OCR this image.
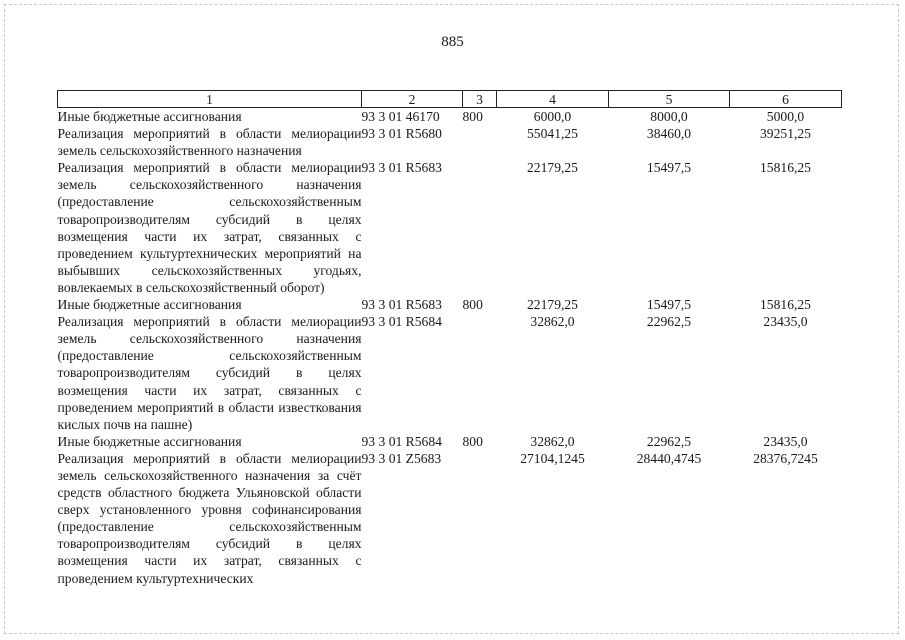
885
1	2	3	4	5	6
Иные бюджетные ассигнования	93 3 01 46170	800	6000,0	8000,0	5000,0
Реализация мероприятий в области мелиорации земель сельскохозяйственного назначения	93 3 01 R5680		55041,25	38460,0	39251,25
Реализация мероприятий в области мелиорации земель сельскохозяйственного назначения (предоставление сельскохозяйственным товаропроизводителям субсидий в целях возмещения части их затрат, связанных с проведением культуртехнических мероприятий на выбывших сельскохозяйственных угодьях, вовлекаемых в сельскохозяйственный оборот)	93 3 01 R5683		22179,25	15497,5	15816,25
Иные бюджетные ассигнования	93 3 01 R5683	800	22179,25	15497,5	15816,25
Реализация мероприятий в области мелиорации земель сельскохозяйственного назначения (предоставление сельскохозяйственным товаропроизводителям субсидий в целях возмещения части их затрат, связанных с проведением мероприятий в области известкования кислых почв на пашне)	93 3 01 R5684		32862,0	22962,5	23435,0
Иные бюджетные ассигнования	93 3 01 R5684	800	32862,0	22962,5	23435,0
Реализация мероприятий в области мелиорации земель сельскохозяйственного назначения за счёт средств областного бюджета Ульяновской области сверх установленного уровня софинансирования (предоставление сельскохозяйственным товаропроизводителям субсидий в целях возмещения части их затрат, связанных с проведением культуртехнических	93 3 01 Z5683		27104,1245	28440,4745	28376,7245
